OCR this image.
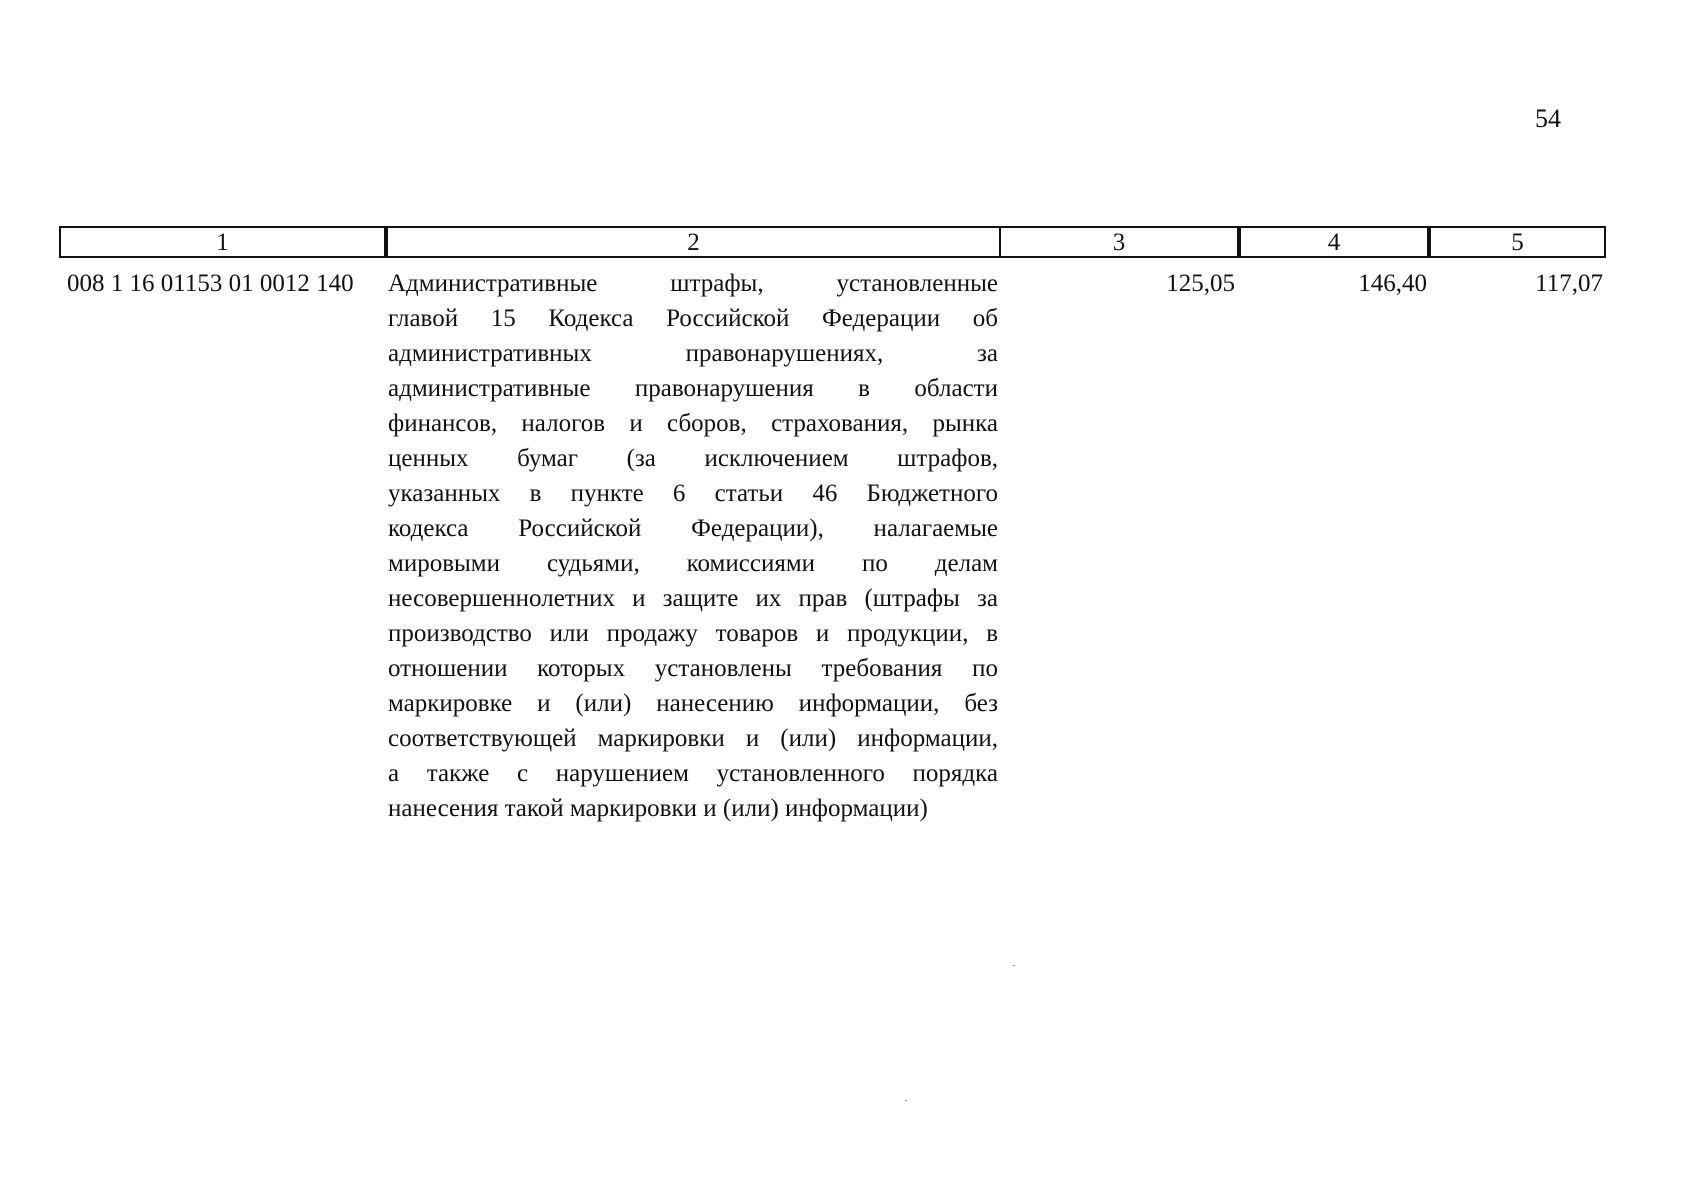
54
1	2	3	4	5
008 1 16 01153 01 0012 140	Административные штрафы, установленные
главой 15 Кодекса Российской Федерации об
административных правонарушениях, за
административные правонарушения в области
финансов, налогов и сборов, страхования, рынка
ценных бумаг (за исключением штрафов,
указанных в пункте 6 статьи 46 Бюджетного
кодекса Российской Федерации), налагаемые
мировыми судьями, комиссиями по делам
несовершеннолетних и защите их прав (штрафы за
производство или продажу товаров и продукции, в
отношении которых установлены требования по
маркировке и (или) нанесению информации, без
соответствующей маркировки и (или) информации,
а также с нарушением установленного порядка
нанесения такой маркировки и (или) информации)
125,05	146,40	117,07
